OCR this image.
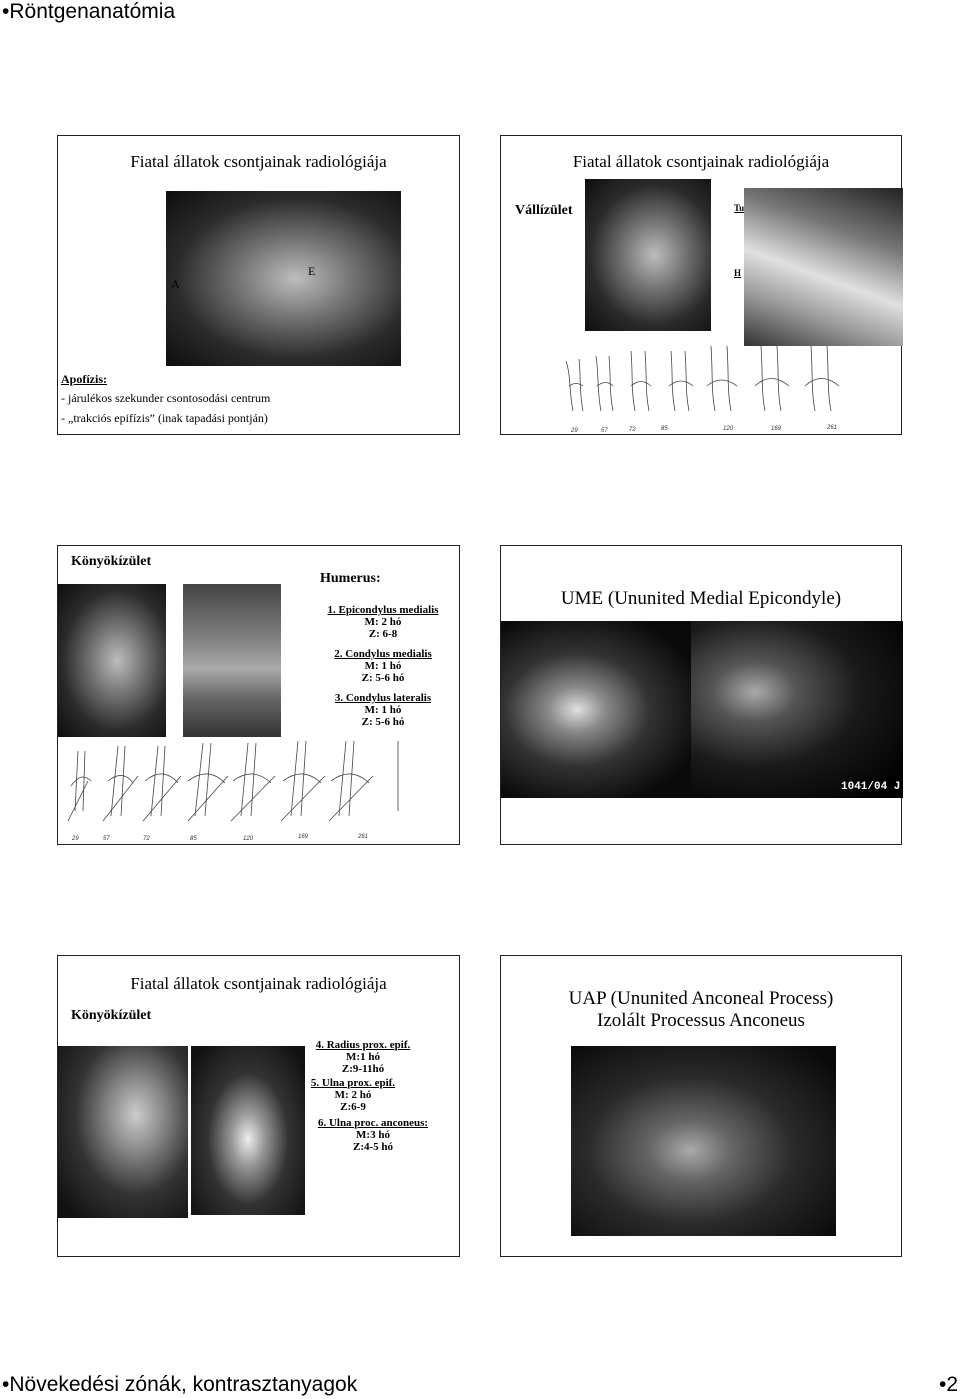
•Röntgenanatómia
Fiatal állatok csontjainak radiológiája
A
E
Apofízis:
- járulékos szekunder csontosodási centrum
- „trakciós epifízis” (inak tapadási pontján)
Fiatal állatok csontjainak radiológiája
Vállízület	Tu
H
29	57	72	85	120	169	261
Könyökízület
Humerus:
1. Epicondylus medialis
M: 2 hó
Z: 6-8
2. Condylus medialis
M: 1 hó
Z: 5-6 hó
3. Condylus lateralis
M: 1 hó
Z: 5-6 hó
29	57	72	85	120	169	261
UME (Ununited Medial Epicondyle)
1041/04 J
Fiatal állatok csontjainak radiológiája
Könyökízület
4. Radius prox. epif.
M:1 hó
Z:9-11hó
5. Ulna prox. epif.
M: 2 hó
Z:6-9
6. Ulna proc. anconeus:
M:3 hó
Z:4-5 hó
UAP (Ununited Anconeal Process)
Izolált Processus Anconeus
•Növekedési zónák, kontrasztanyagok	•2
